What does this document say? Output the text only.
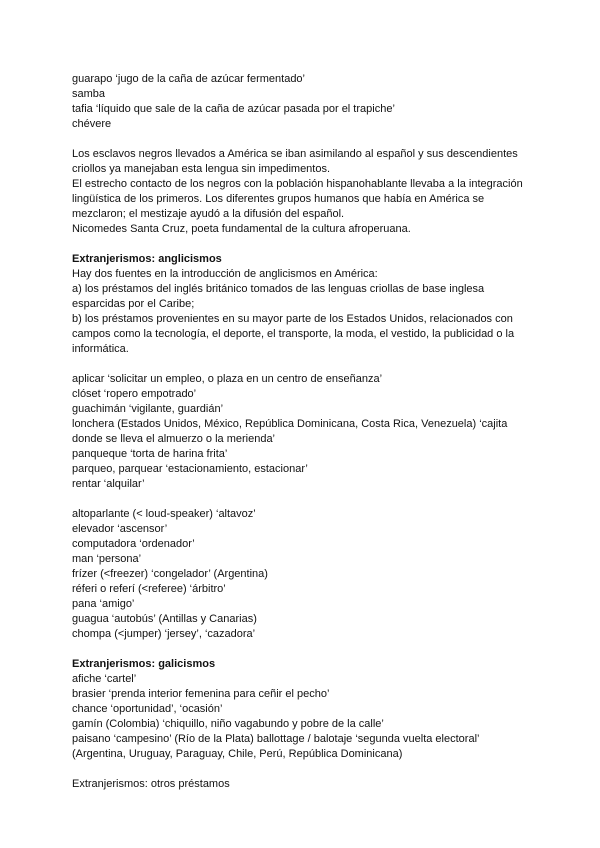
guarapo ‘jugo de la caña de azúcar fermentado’

samba

tafia ‘líquido que sale de la caña de azúcar pasada por el trapiche’

chévere

Los esclavos negros llevados a América se iban asimilando al español y sus descendientes

criollos ya manejaban esta lengua sin impedimentos.

El estrecho contacto de los negros con la población hispanohablante llevaba a la integración

lingüística de los primeros. Los diferentes grupos humanos que había en América se

mezclaron; el mestizaje ayudó a la difusión del español.

Nicomedes Santa Cruz, poeta fundamental de la cultura afroperuana.

Extranjerismos: anglicismos

Hay dos fuentes en la introducción de anglicismos en América:

a) los préstamos del inglés británico tomados de las lenguas criollas de base inglesa

esparcidas por el Caribe;

b) los préstamos provenientes en su mayor parte de los Estados Unidos, relacionados con

campos como la tecnología, el deporte, el transporte, la moda, el vestido, la publicidad o la

informática.

aplicar ‘solicitar un empleo, o plaza en un centro de enseñanza’

clóset ‘ropero empotrado’

guachimán ‘vigilante, guardián’

lonchera (Estados Unidos, México, República Dominicana, Costa Rica, Venezuela) ‘cajita

donde se lleva el almuerzo o la merienda’

panqueque ‘torta de harina frita’

parqueo, parquear ‘estacionamiento, estacionar’

rentar ‘alquilar’

altoparlante (< loud-speaker) ‘altavoz’

elevador ‘ascensor’

computadora ‘ordenador’

man ‘persona’

frízer (<freezer) ‘congelador’ (Argentina)

réferi o referí (<referee) ‘árbitro’

pana ‘amigo’

guagua ‘autobús’ (Antillas y Canarias)

chompa (<jumper) ‘jersey’, ‘cazadora’

Extranjerismos: galicismos

afiche ‘cartel’

brasier ‘prenda interior femenina para ceñir el pecho’

chance ‘oportunidad’, ‘ocasión’

gamín (Colombia) ‘chiquillo, niño vagabundo y pobre de la calle’

paisano ‘campesino’ (Río de la Plata) ballottage / balotaje ‘segunda vuelta electoral’

(Argentina, Uruguay, Paraguay, Chile, Perú, República Dominicana)

Extranjerismos: otros préstamos
